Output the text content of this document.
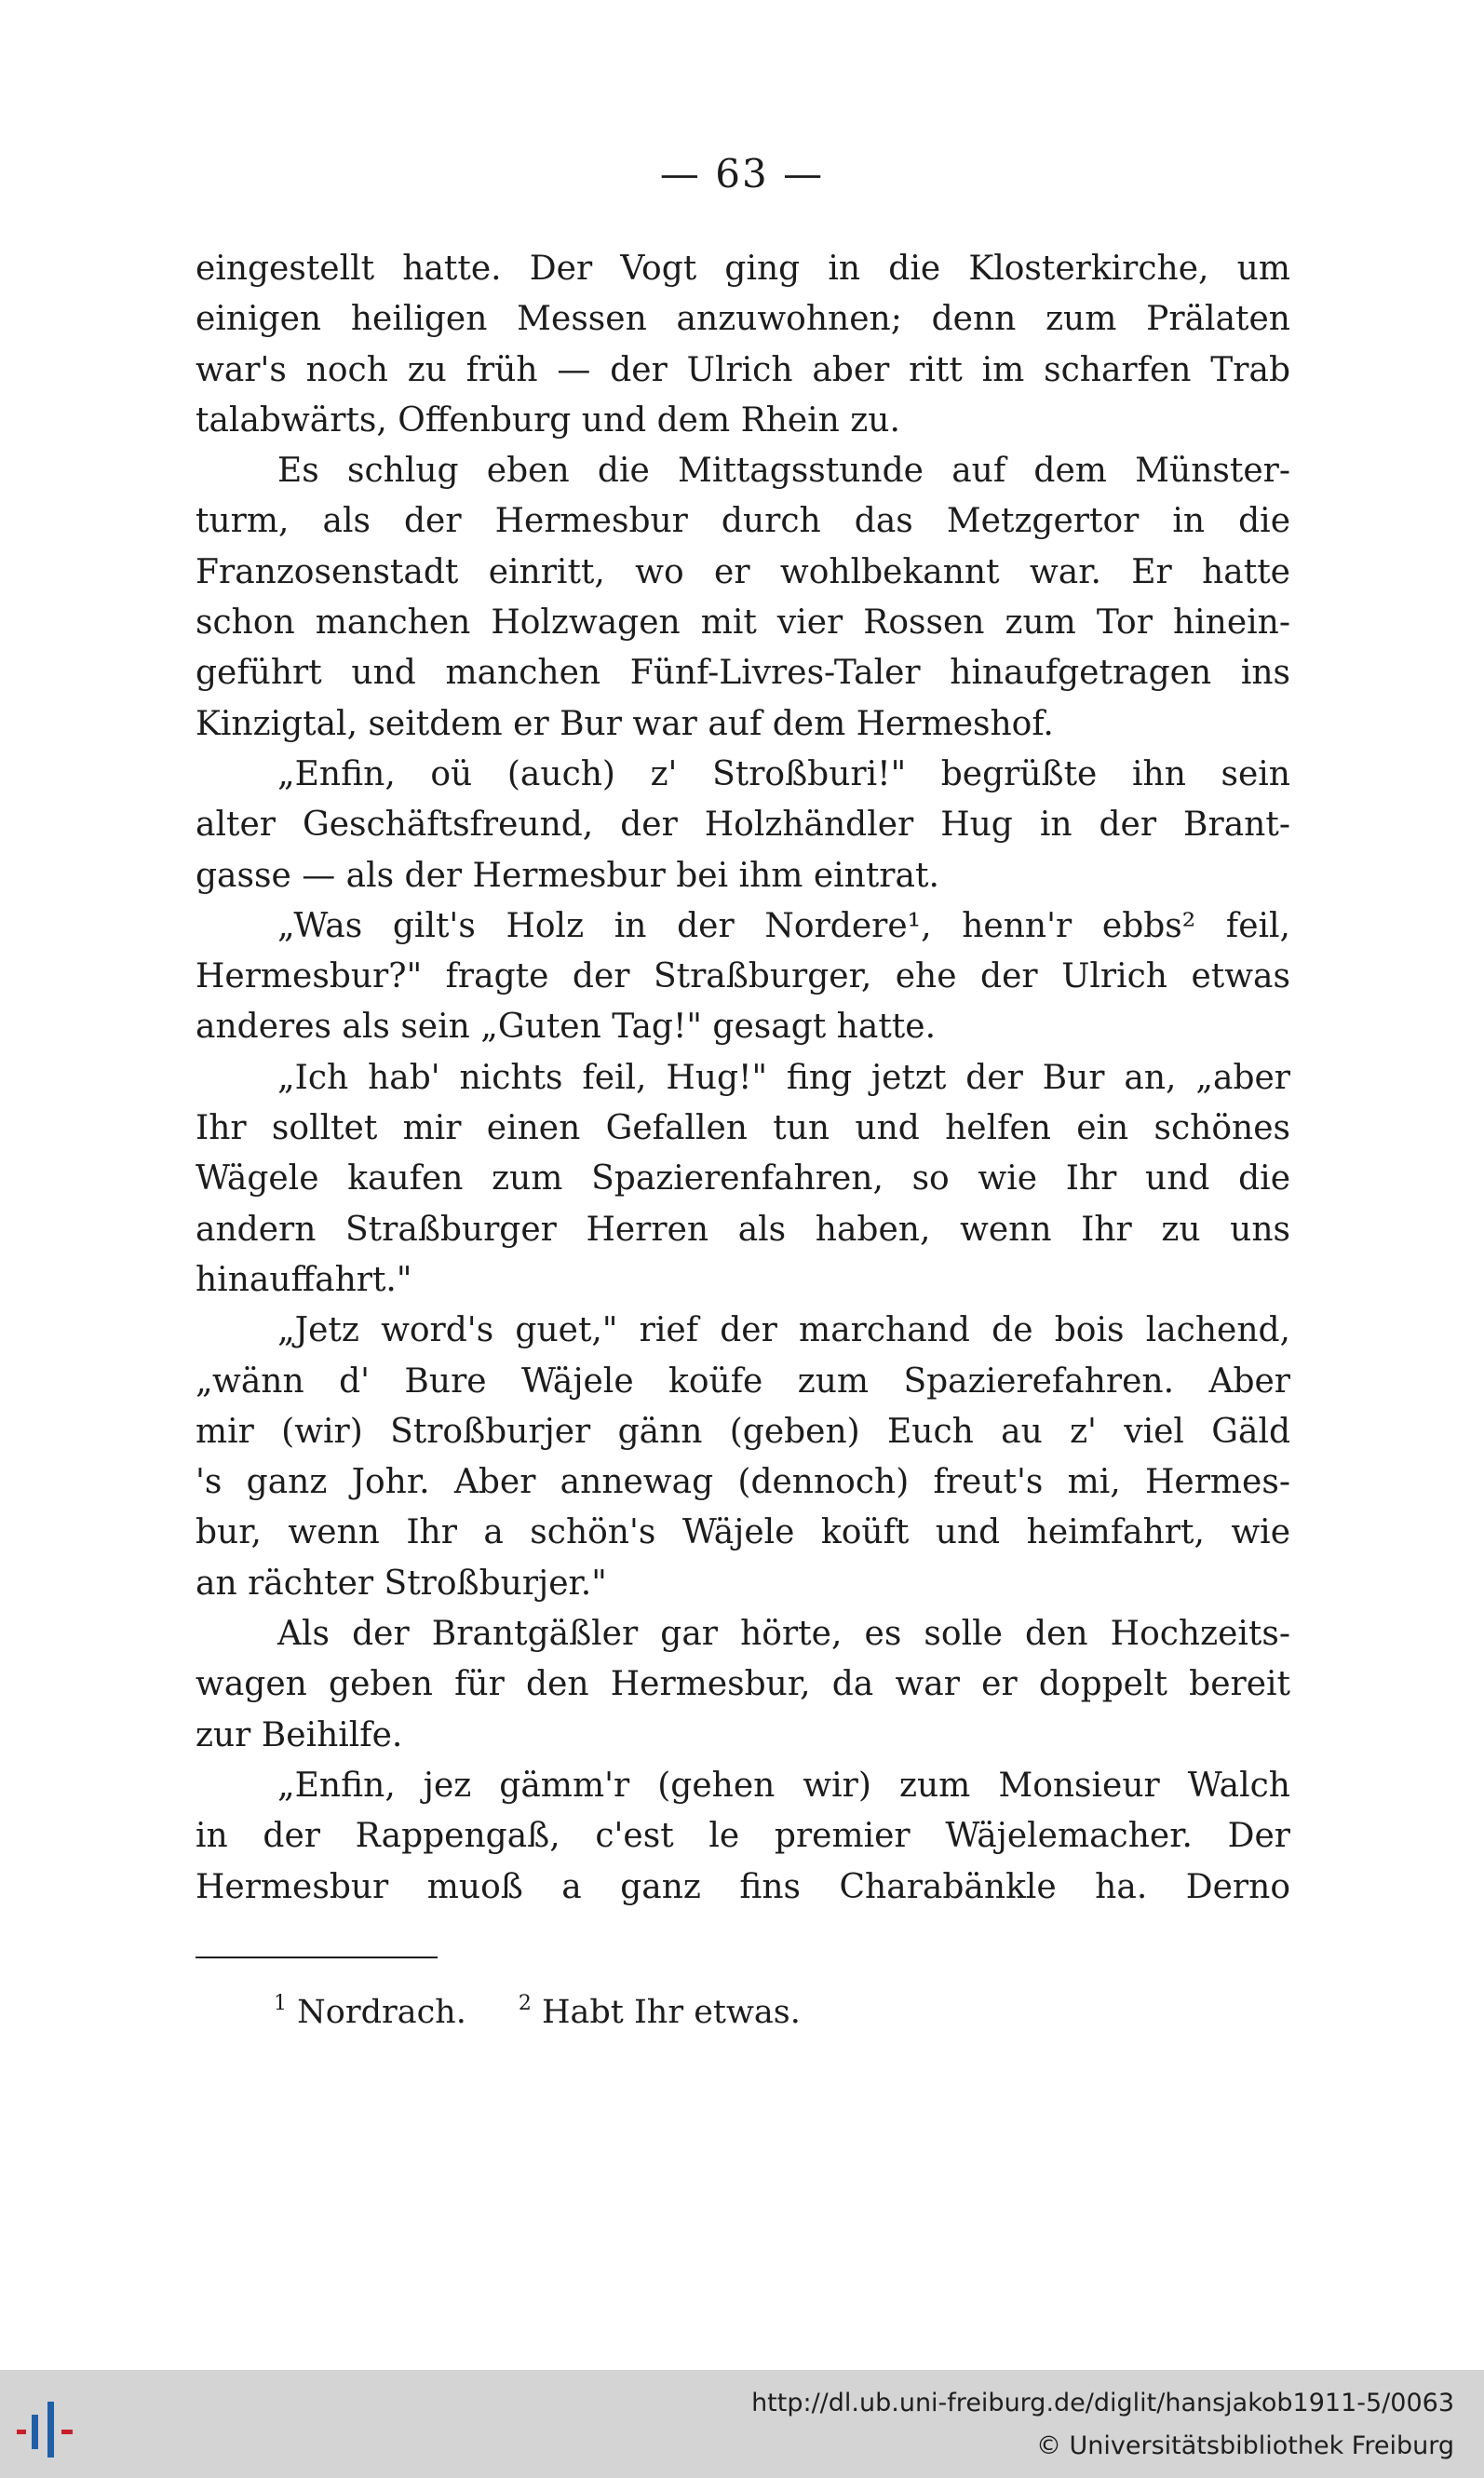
— 63 —
eingestellt hatte. Der Vogt ging in die Klosterkirche, um
einigen heiligen Messen anzuwohnen; denn zum Prälaten
war's noch zu früh — der Ulrich aber ritt im scharfen Trab
talabwärts, Offenburg und dem Rhein zu.
Es schlug eben die Mittagsstunde auf dem Münster-
turm, als der Hermesbur durch das Metzgertor in die
Franzosenstadt einritt, wo er wohlbekannt war. Er hatte
schon manchen Holzwagen mit vier Rossen zum Tor hinein-
geführt und manchen Fünf-Livres-Taler hinaufgetragen ins
Kinzigtal, seitdem er Bur war auf dem Hermeshof.
„Enfin, oü (auch) z' Stroßburi!" begrüßte ihn sein
alter Geschäftsfreund, der Holzhändler Hug in der Brant-
gasse — als der Hermesbur bei ihm eintrat.
„Was gilt's Holz in der Nordere¹, henn'r ebbs² feil,
Hermesbur?" fragte der Straßburger, ehe der Ulrich etwas
anderes als sein „Guten Tag!" gesagt hatte.
„Ich hab' nichts feil, Hug!" fing jetzt der Bur an, „aber
Ihr solltet mir einen Gefallen tun und helfen ein schönes
Wägele kaufen zum Spazierenfahren, so wie Ihr und die
andern Straßburger Herren als haben, wenn Ihr zu uns
hinauffahrt."
„Jetz word's guet," rief der marchand de bois lachend,
„wänn d' Bure Wäjele koüfe zum Spazierefahren. Aber
mir (wir) Stroßburjer gänn (geben) Euch au z' viel Gäld
's ganz Johr. Aber annewag (dennoch) freut's mi, Hermes-
bur, wenn Ihr a schön's Wäjele koüft und heimfahrt, wie
an rächter Stroßburjer."
Als der Brantgäßler gar hörte, es solle den Hochzeits-
wagen geben für den Hermesbur, da war er doppelt bereit
zur Beihilfe.
„Enfin, jez gämm'r (gehen wir) zum Monsieur Walch
in der Rappengaß, c'est le premier Wäjelemacher. Der
Hermesbur muoß a ganz fins Charabänkle ha. Derno
$^1$ Nordrach.	$^2$ Habt Ihr etwas.
http://dl.ub.uni-freiburg.de/diglit/hansjakob1911-5/0063
© Universitätsbibliothek Freiburg
